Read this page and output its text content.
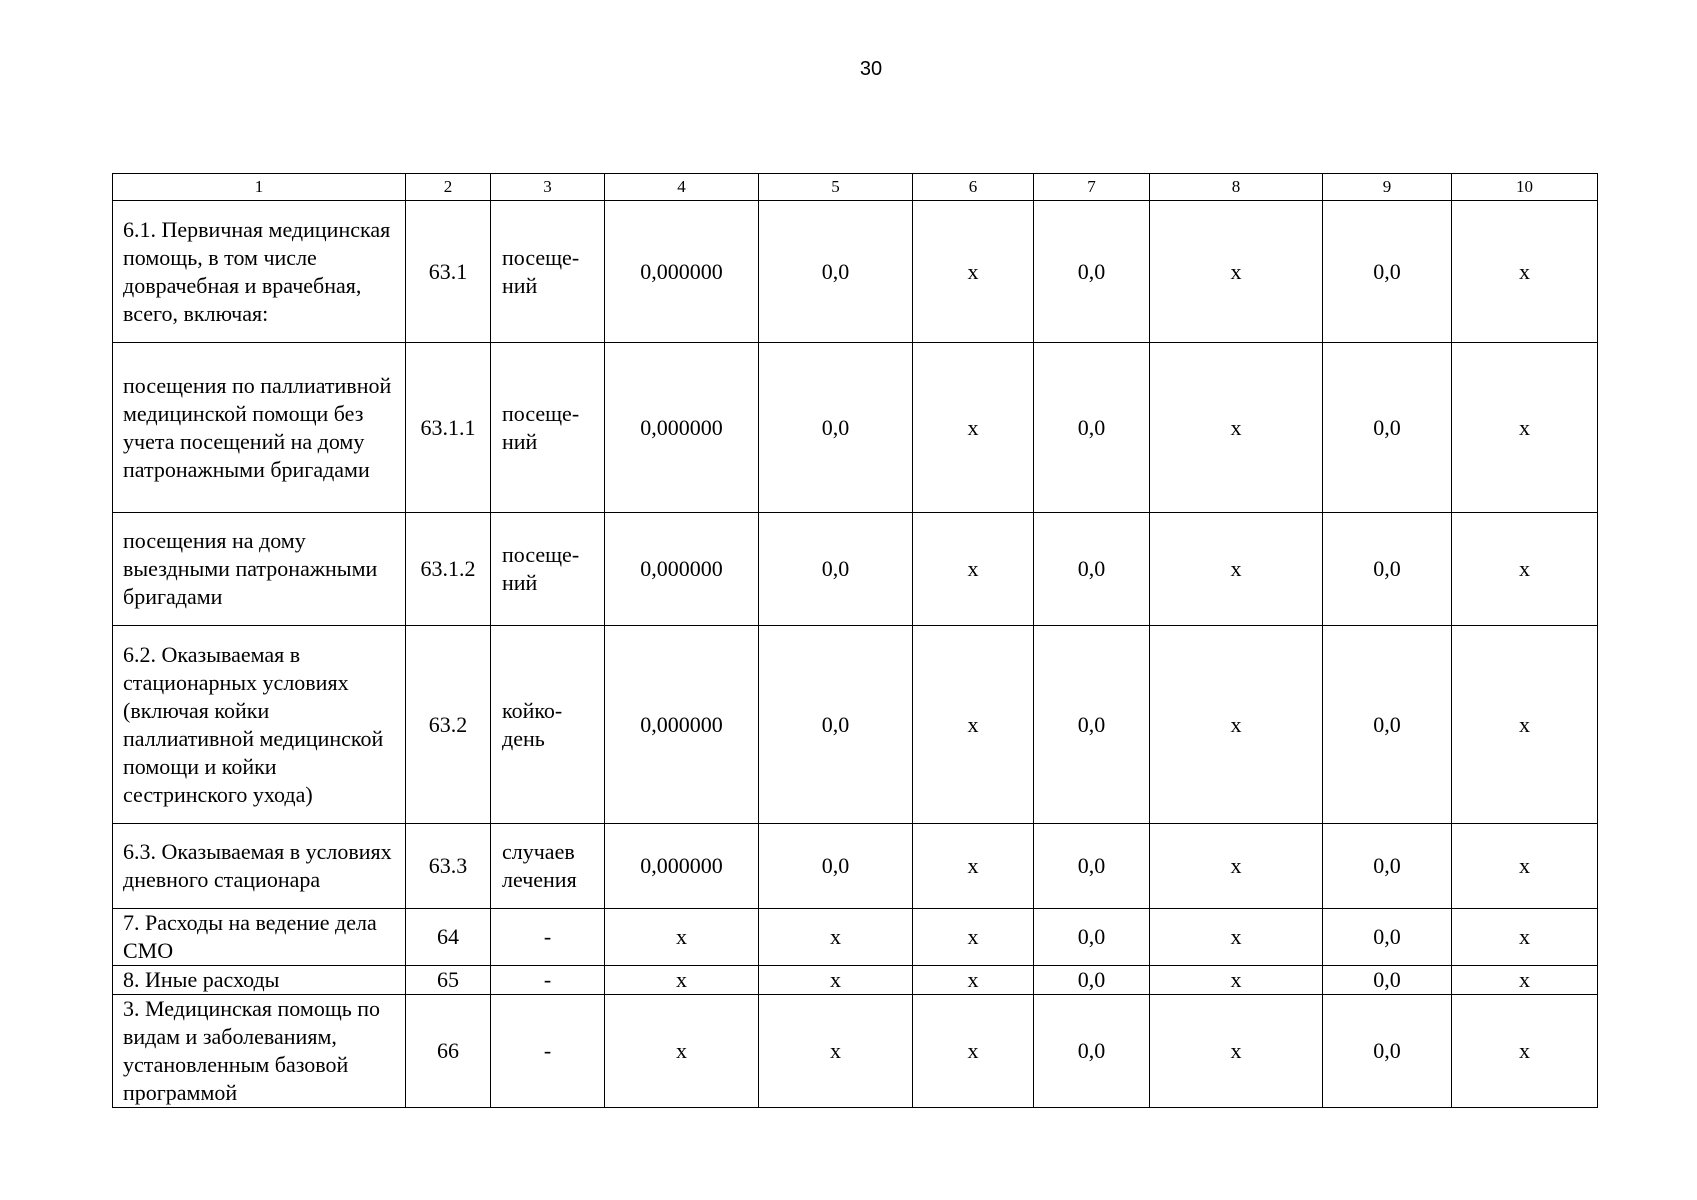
30
1	2	3	4	5	6	7	8	9	10
6.1. Первичная медицинская помощь, в том числе доврачебная и врачебная, всего, включая:	63.1	посеще-ний	0,000000	0,0	х	0,0	х	0,0	х
посещения по паллиативной медицинской помощи без учета посещений на дому патронажными бригадами	63.1.1	посеще-ний	0,000000	0,0	х	0,0	х	0,0	х
посещения на дому выездными патронажными бригадами	63.1.2	посеще-ний	0,000000	0,0	х	0,0	х	0,0	х
6.2. Оказываемая в стационарных условиях (включая койки паллиативной медицинской помощи и койки сестринского ухода)	63.2	койко-день	0,000000	0,0	х	0,0	х	0,0	х
6.3. Оказываемая в условиях дневного стационара	63.3	случаев лечения	0,000000	0,0	х	0,0	х	0,0	х
7. Расходы на ведение дела СМО	64	-	х	х	х	0,0	х	0,0	х
8. Иные расходы	65	-	х	х	х	0,0	х	0,0	х
3. Медицинская помощь по видам и заболеваниям, установленным базовой программой	66	-	х	х	х	0,0	х	0,0	х
